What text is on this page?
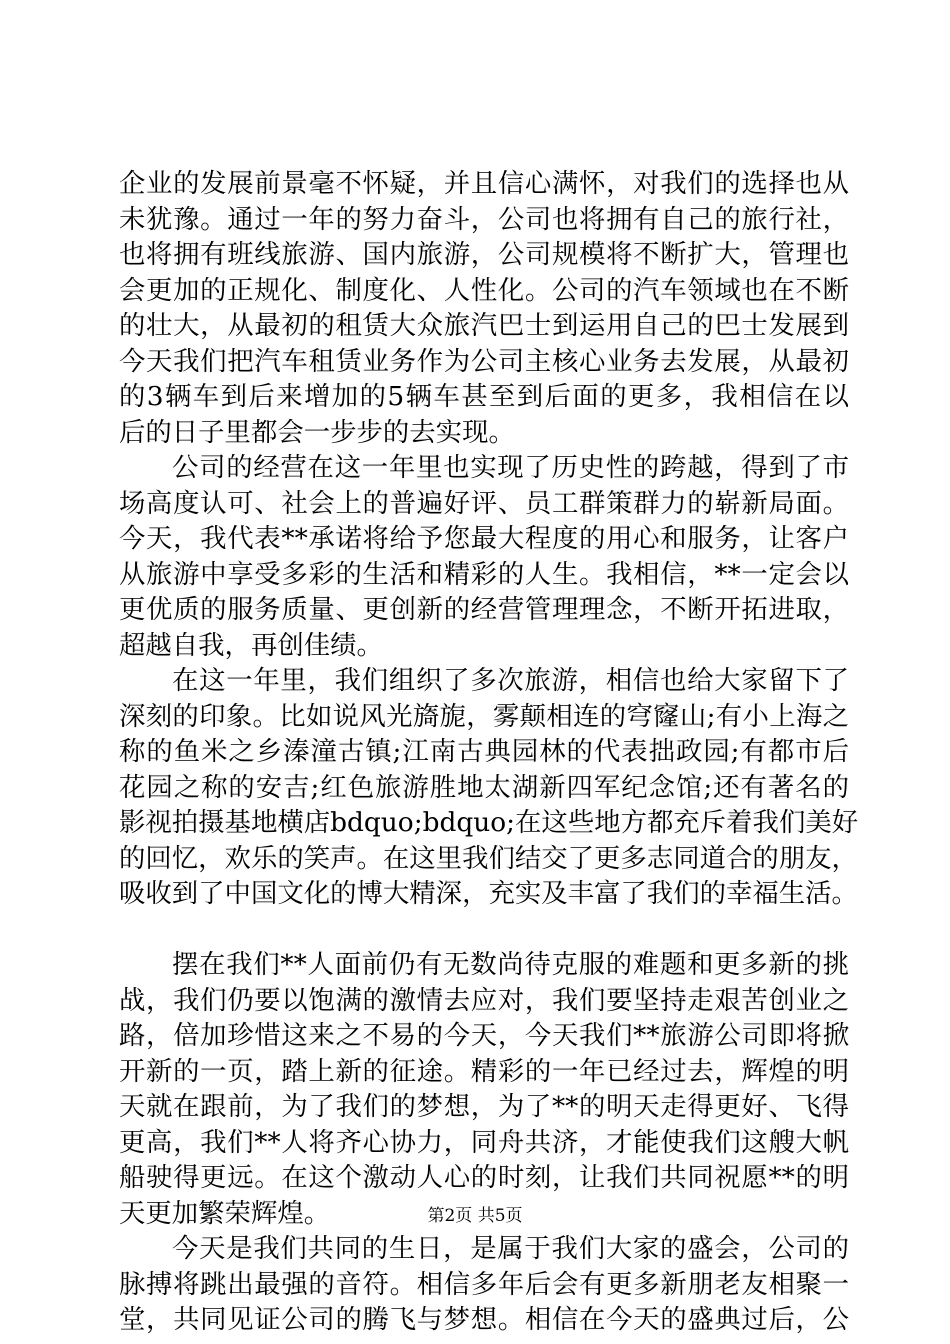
企业的发展前景毫不怀疑，并且信心满怀，对我们的选择也从
未犹豫。通过一年的努力奋斗，公司也将拥有自己的旅行社，
也将拥有班线旅游、国内旅游，公司规模将不断扩大，管理也
会更加的正规化、制度化、人性化。公司的汽车领域也在不断
的壮大，从最初的租赁大众旅汽巴士到运用自己的巴士发展到
今天我们把汽车租赁业务作为公司主核心业务去发展，从最初
的3辆车到后来增加的5辆车甚至到后面的更多，我相信在以
后的日子里都会一步步的去实现。
公司的经营在这一年里也实现了历史性的跨越，得到了市
场高度认可、社会上的普遍好评、员工群策群力的崭新局面。
今天，我代表**承诺将给予您最大程度的用心和服务，让客户
从旅游中享受多彩的生活和精彩的人生。我相信，**一定会以
更优质的服务质量、更创新的经营管理理念，不断开拓进取，
超越自我，再创佳绩。
在这一年里，我们组织了多次旅游，相信也给大家留下了
深刻的印象。比如说风光旖旎，雾颠相连的穹窿山;有小上海之
称的鱼米之乡溱潼古镇;江南古典园林的代表拙政园;有都市后
花园之称的安吉;红色旅游胜地太湖新四军纪念馆;还有著名的
影视拍摄基地横店bdquo;bdquo;在这些地方都充斥着我们美好
的回忆，欢乐的笑声。在这里我们结交了更多志同道合的朋友，
吸收到了中国文化的博大精深，充实及丰富了我们的幸福生活。
摆在我们**人面前仍有无数尚待克服的难题和更多新的挑
战，我们仍要以饱满的激情去应对，我们要坚持走艰苦创业之
路，倍加珍惜这来之不易的今天，今天我们**旅游公司即将掀
开新的一页，踏上新的征途。精彩的一年已经过去，辉煌的明
天就在跟前，为了我们的梦想，为了**的明天走得更好、飞得
更高，我们**人将齐心协力，同舟共济，才能使我们这艘大帆
船驶得更远。在这个激动人心的时刻，让我们共同祝愿**的明
天更加繁荣辉煌。
今天是我们共同的生日，是属于我们大家的盛会，公司的
脉搏将跳出最强的音符。相信多年后会有更多新朋老友相聚一
堂，共同见证公司的腾飞与梦想。相信在今天的盛典过后，公
第2页 共5页
